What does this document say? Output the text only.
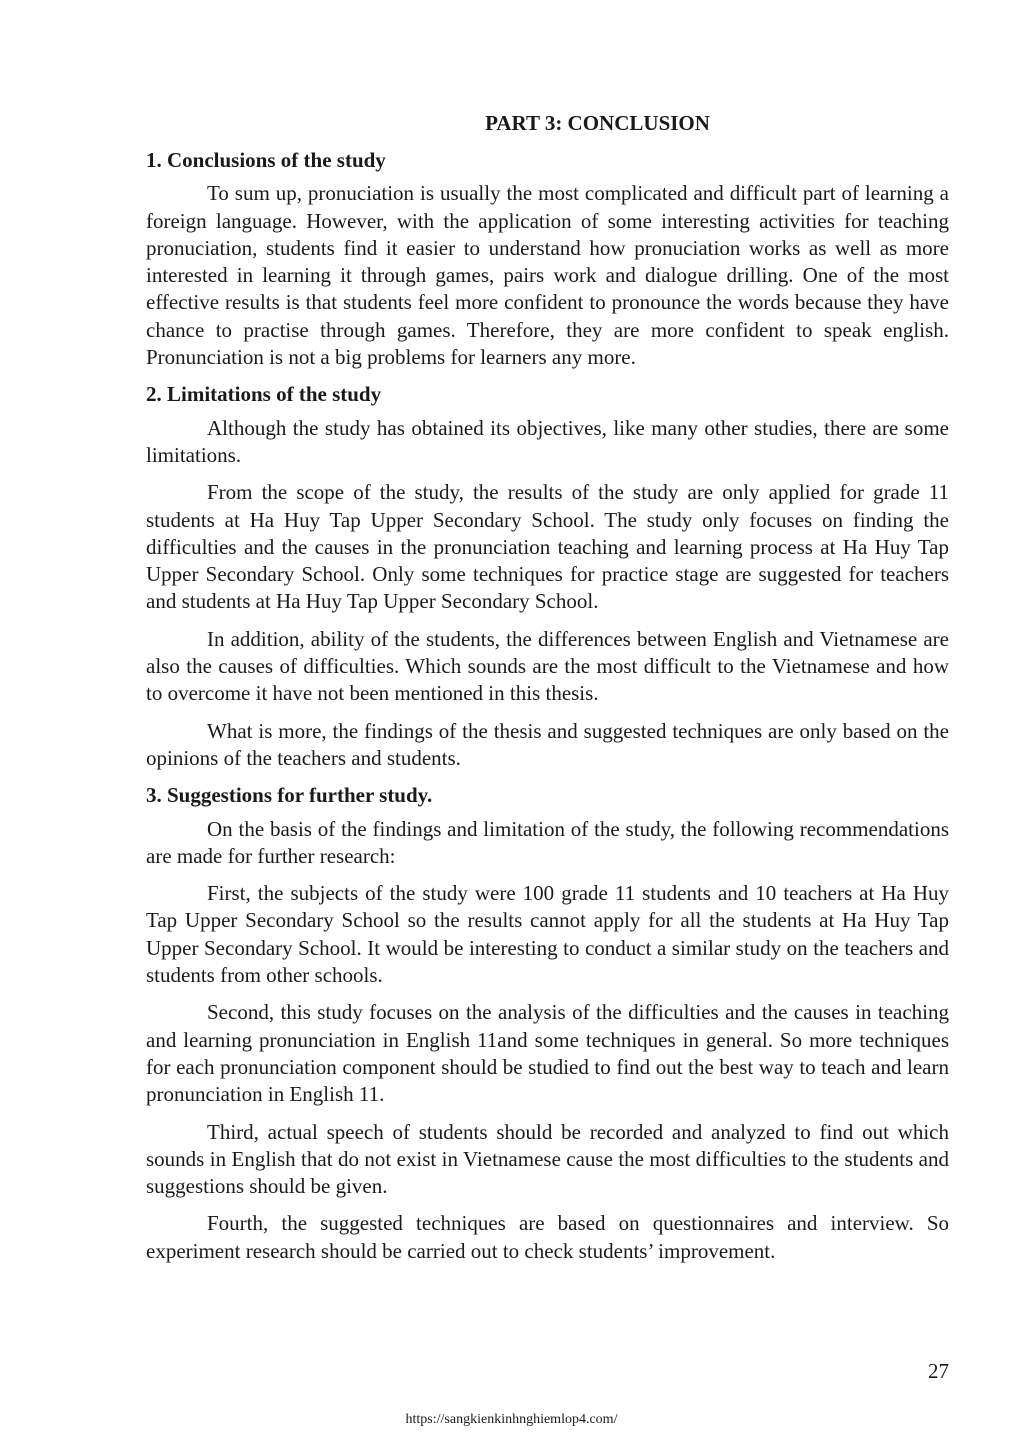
PART 3: CONCLUSION
1. Conclusions of the study

To sum up, pronuciation is usually the most complicated and difficult part of learning a foreign language. However, with the application of some interesting activities for teaching pronuciation, students find it easier to understand how pronuciation works as well as more interested in learning it through games, pairs work and dialogue drilling. One of the most effective results is that students feel more confident to pronounce the words because they have chance to practise through games. Therefore, they are more confident to speak english. Pronunciation is not a big problems for learners any more.

2. Limitations of the study

Although the study has obtained its objectives, like many other studies, there are some limitations.

From the scope of the study, the results of the study are only applied for grade 11 students at Ha Huy Tap Upper Secondary School. The study only focuses on finding the difficulties and the causes in the pronunciation teaching and learning process at Ha Huy Tap Upper Secondary School. Only some techniques for practice stage are suggested for teachers and students at Ha Huy Tap Upper Secondary School.

In addition, ability of the students, the differences between English and Vietnamese are also the causes of difficulties. Which sounds are the most difficult to the Vietnamese and how to overcome it have not been mentioned in this thesis.

What is more, the findings of the thesis and suggested techniques are only based on the opinions of the teachers and students.

3. Suggestions for further study.

On the basis of the findings and limitation of the study, the following recommendations are made for further research:

First, the subjects of the study were 100 grade 11 students and 10 teachers at Ha Huy Tap Upper Secondary School so the results cannot apply for all the students at Ha Huy Tap Upper Secondary School. It would be interesting to conduct a similar study on the teachers and students from other schools.

Second, this study focuses on the analysis of the difficulties and the causes in teaching and learning pronunciation in English 11and some techniques in general. So more techniques for each pronunciation component should be studied to find out the best way to teach and learn pronunciation in English 11.

Third, actual speech of students should be recorded and analyzed to find out which sounds in English that do not exist in Vietnamese cause the most difficulties to the students and suggestions should be given.

Fourth, the suggested techniques are based on questionnaires and interview. So experiment research should be carried out to check students’ improvement.

27

https://sangkienkinhnghiemlop4.com/
